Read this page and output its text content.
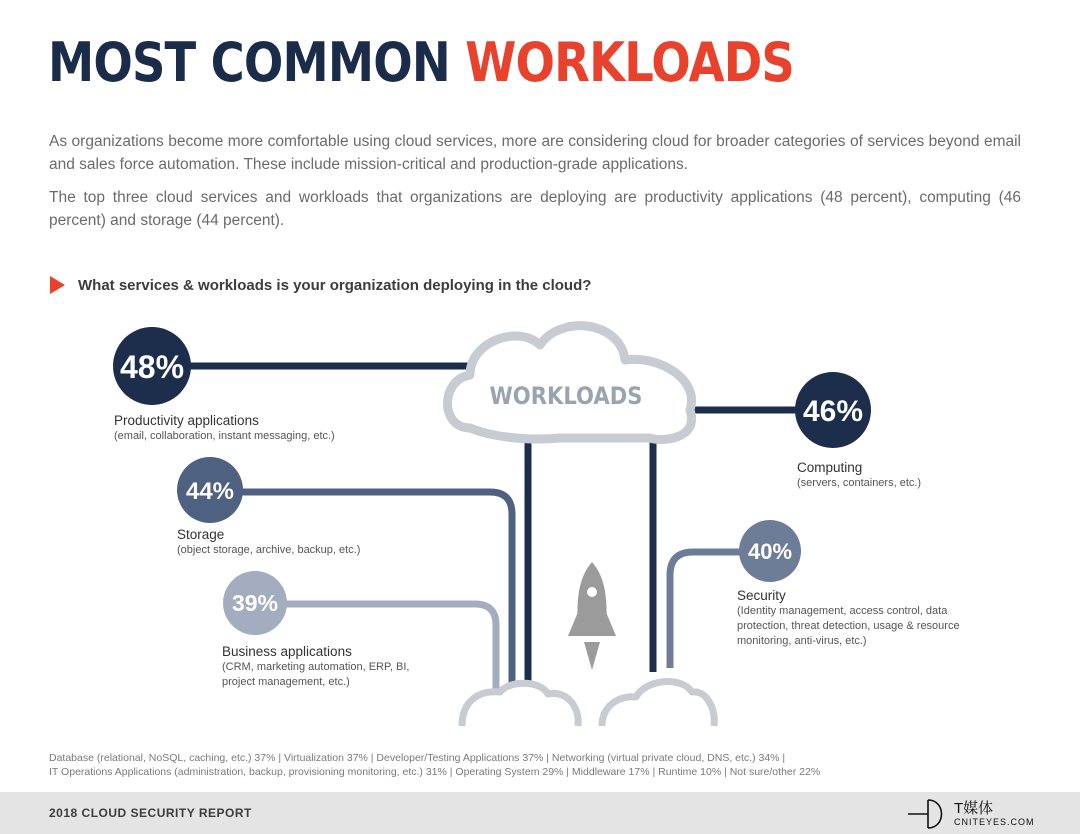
MOST COMMON WORKLOADS

As organizations become more comfortable using cloud services, more are considering cloud for broader categories of services beyond email and sales force automation. These include mission-critical and production-grade applications.

The top three cloud services and workloads that organizations are deploying are productivity applications (48 percent), computing (46 percent) and storage (44 percent).

What services & workloads is your organization deploying in the cloud?
WORKLOADS
48%
46%
44%
40%
39%
Productivity applications
(email, collaboration, instant messaging, etc.)
Computing
(servers, containers, etc.)
Storage
(object storage, archive, backup, etc.)
Security
(Identity management, access control, data protection, threat detection, usage & resource monitoring, anti-virus, etc.)
Business applications
(CRM, marketing automation, ERP, BI, project management, etc.)
Database (relational, NoSQL, caching, etc.) 37% | Virtualization 37% | Developer/Testing Applications 37% | Networking (virtual private cloud, DNS, etc.) 34% |
IT Operations Applications (administration, backup, provisioning monitoring, etc.) 31% | Operating System 29% | Middleware 17% | Runtime 10% | Not sure/other 22%
2018 CLOUD SECURITY REPORT	T媒体
CNITEYES.COM
